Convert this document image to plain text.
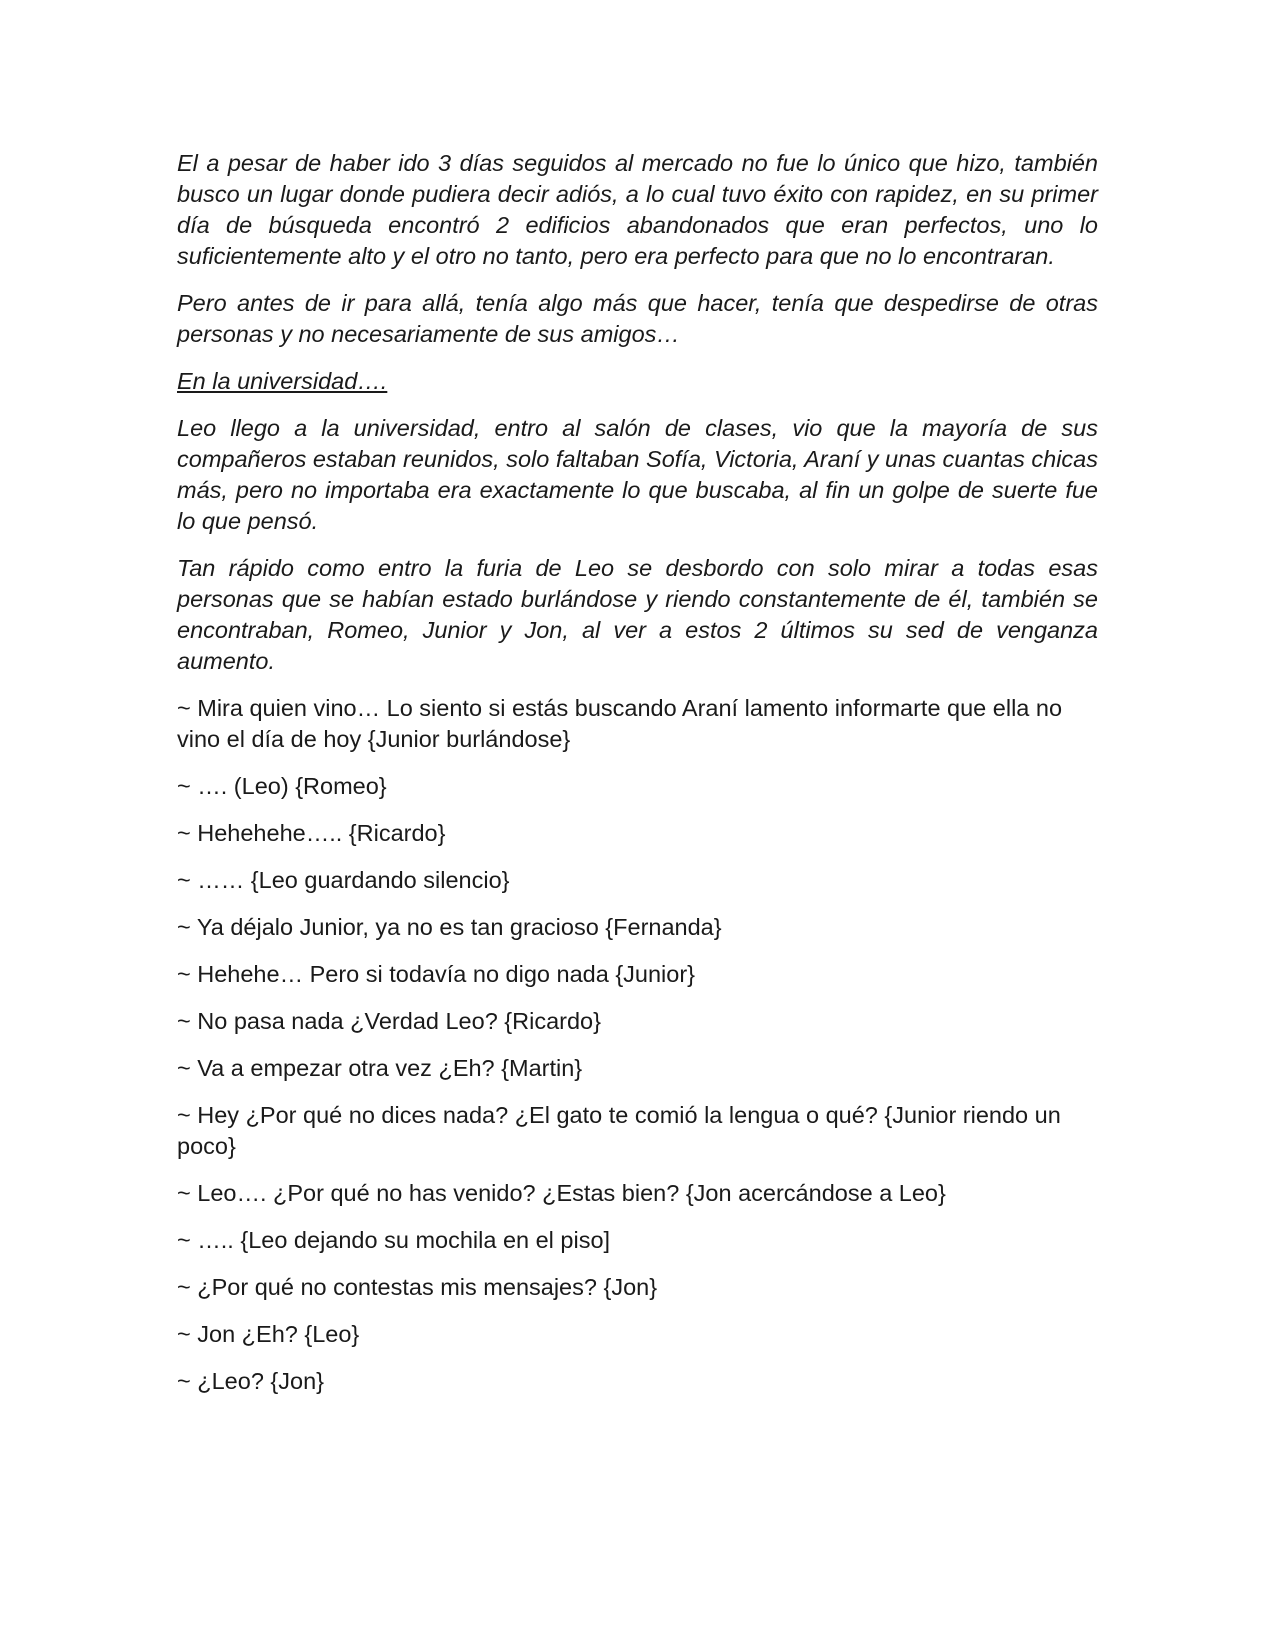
El a pesar de haber ido 3 días seguidos al mercado no fue lo único que hizo, también busco un lugar donde pudiera decir adiós, a lo cual tuvo éxito con rapidez, en su primer día de búsqueda encontró 2 edificios abandonados que eran perfectos, uno lo suficientemente alto y el otro no tanto, pero era perfecto para que no lo encontraran.

Pero antes de ir para allá, tenía algo más que hacer, tenía que despedirse de otras personas y no necesariamente de sus amigos…

En la universidad….

Leo llego a la universidad, entro al salón de clases, vio que la mayoría de sus compañeros estaban reunidos, solo faltaban Sofía, Victoria, Araní y unas cuantas chicas más, pero no importaba era exactamente lo que buscaba, al fin un golpe de suerte fue lo que pensó.

Tan rápido como entro la furia de Leo se desbordo con solo mirar a todas esas personas que se habían estado burlándose y riendo constantemente de él, también se encontraban, Romeo, Junior y Jon, al ver a estos 2 últimos su sed de venganza aumento.

~ Mira quien vino… Lo siento si estás buscando Araní lamento informarte que ella no vino el día de hoy {Junior burlándose}

~ …. (Leo) {Romeo}

~ Hehehehe….. {Ricardo}

~ …… {Leo guardando silencio}

~ Ya déjalo Junior, ya no es tan gracioso {Fernanda}

~ Hehehe… Pero si todavía no digo nada {Junior}

~ No pasa nada ¿Verdad Leo? {Ricardo}

~ Va a empezar otra vez ¿Eh? {Martin}

~ Hey ¿Por qué no dices nada? ¿El gato te comió la lengua o qué? {Junior riendo un poco}

~ Leo…. ¿Por qué no has venido? ¿Estas bien? {Jon acercándose a Leo}

~ ….. {Leo dejando su mochila en el piso]

~ ¿Por qué no contestas mis mensajes? {Jon}

~ Jon ¿Eh? {Leo}

~ ¿Leo? {Jon}
